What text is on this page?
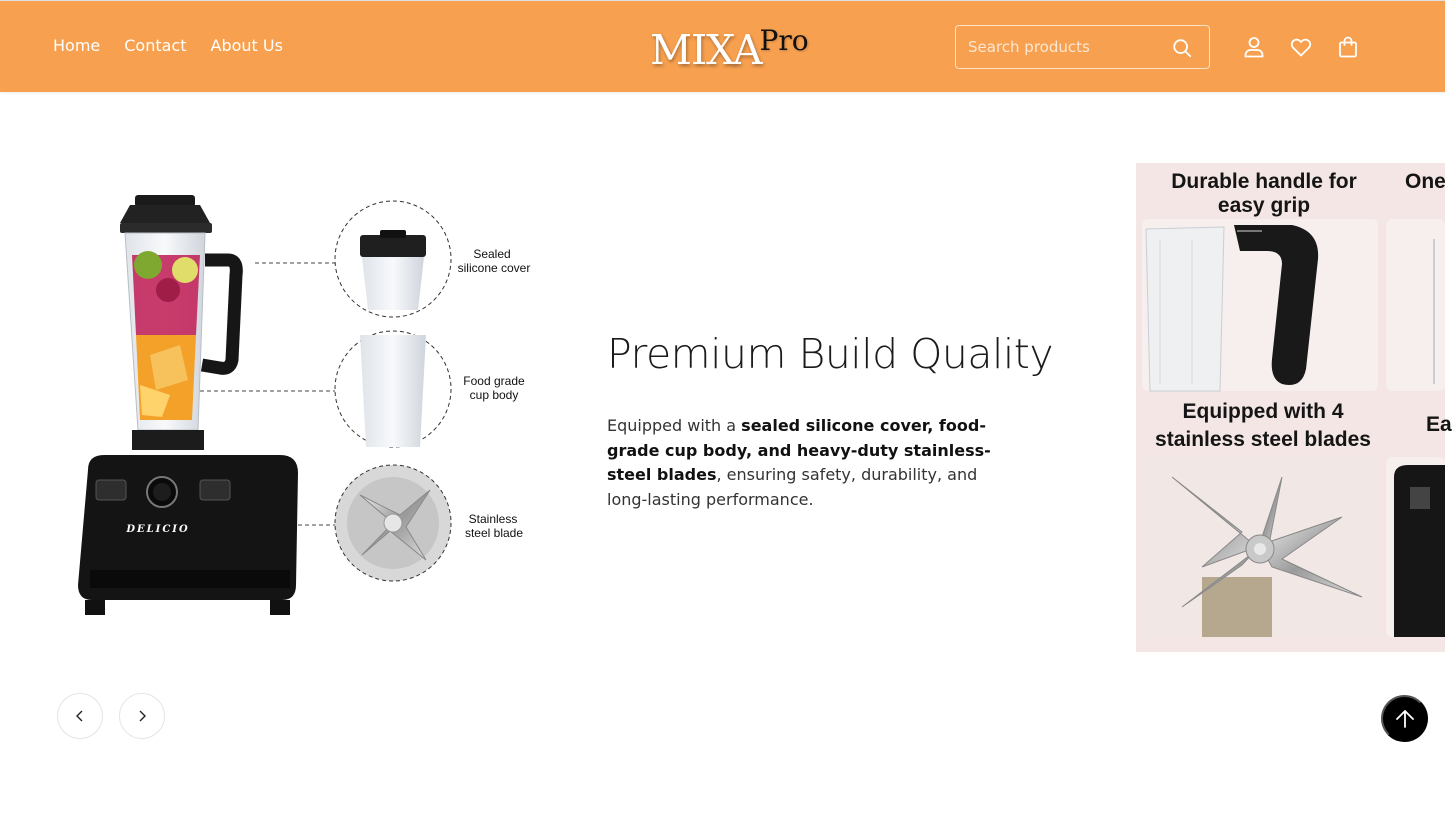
Home Contact About Us	MIXAPro
Search products
DELICIO
Sealed
silicone cover
Food grade
cup body
Stainless
steel blade
Premium Build Quality

Equipped with a sealed silicone cover, food-grade cup body, and heavy-duty stainless-steel blades, ensuring safety, durability, and long-lasting performance.

Durable handle for
easy grip
One
Equipped with 4
stainless steel blades
Ea
